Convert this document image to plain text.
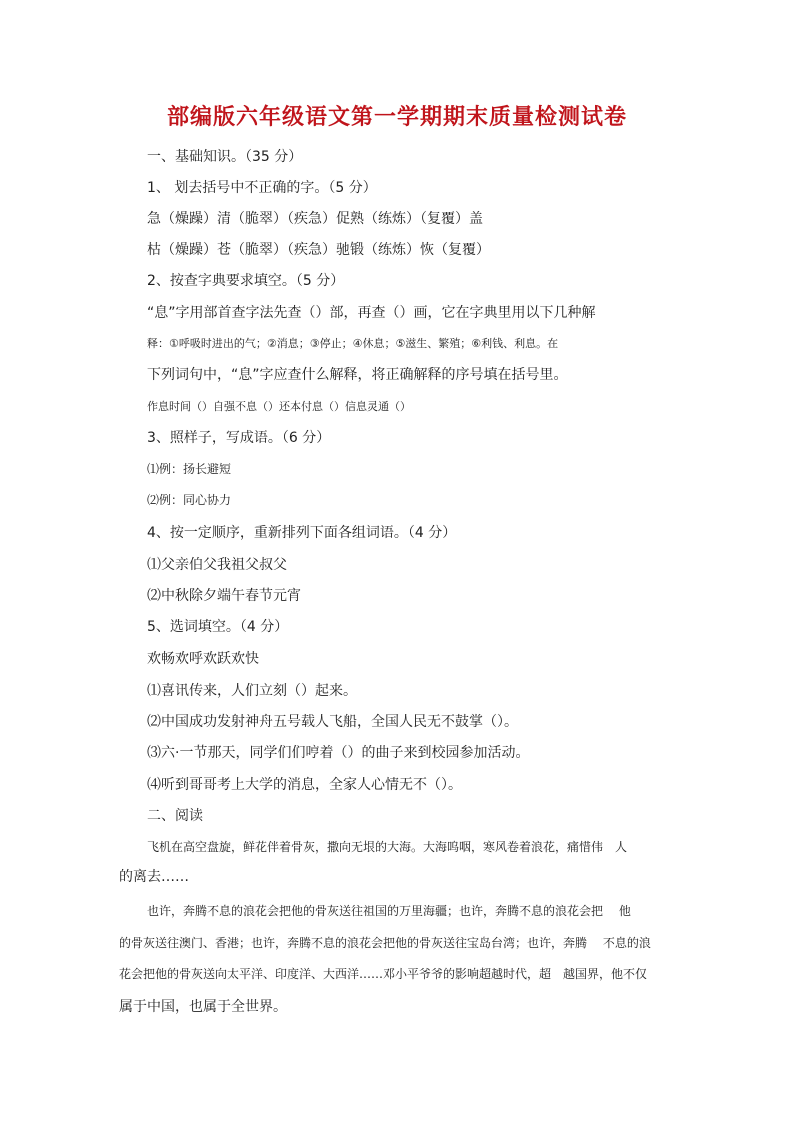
部编版六年级语文第一学期期末质量检测试卷
一、基础知识。（35 分）
1、 划去括号中不正确的字。（5 分）
急（燥躁）清（脆翠）（疾急）促熟（练炼）（复覆）盖
枯（燥躁）苍（脆翠）（疾急）驰锻（练炼）恢（复覆）
2、按查字典要求填空。（5 分）
“息”字用部首查字法先查（）部，再查（）画，它在字典里用以下几种解
释：①呼吸时进出的气；②消息；③停止；④休息；⑤滋生、繁殖；⑥利钱、利息。在
下列词句中，“息”字应查什么解释，将正确解释的序号填在括号里。
作息时间（）自强不息（）还本付息（）信息灵通（）
3、照样子，写成语。（6 分）
⑴例：扬长避短
⑵例：同心协力
4、按一定顺序，重新排列下面各组词语。（4 分）
⑴父亲伯父我祖父叔父
⑵中秋除夕端午春节元宵
5、选词填空。（4 分）
欢畅欢呼欢跃欢快
⑴喜讯传来，人们立刻（）起来。
⑵中国成功发射神舟五号载人飞船，全国人民无不鼓掌（）。
⑶六·一节那天，同学们们哼着（）的曲子来到校园参加活动。
⑷听到哥哥考上大学的消息，全家人心情无不（）。
二、阅读
飞机在高空盘旋，鲜花伴着骨灰，撒向无垠的大海。大海呜咽，寒风卷着浪花，痛惜伟　人
的离去……
也许，奔腾不息的浪花会把他的骨灰送往祖国的万里海疆；也许，奔腾不息的浪花会把　 他
的骨灰送往澳门、香港；也许，奔腾不息的浪花会把他的骨灰送往宝岛台湾；也许，奔腾　 不息的浪
花会把他的骨灰送向太平洋、印度洋、大西洋……邓小平爷爷的影响超越时代，超　越国界，他不仅
属于中国，也属于全世界。
